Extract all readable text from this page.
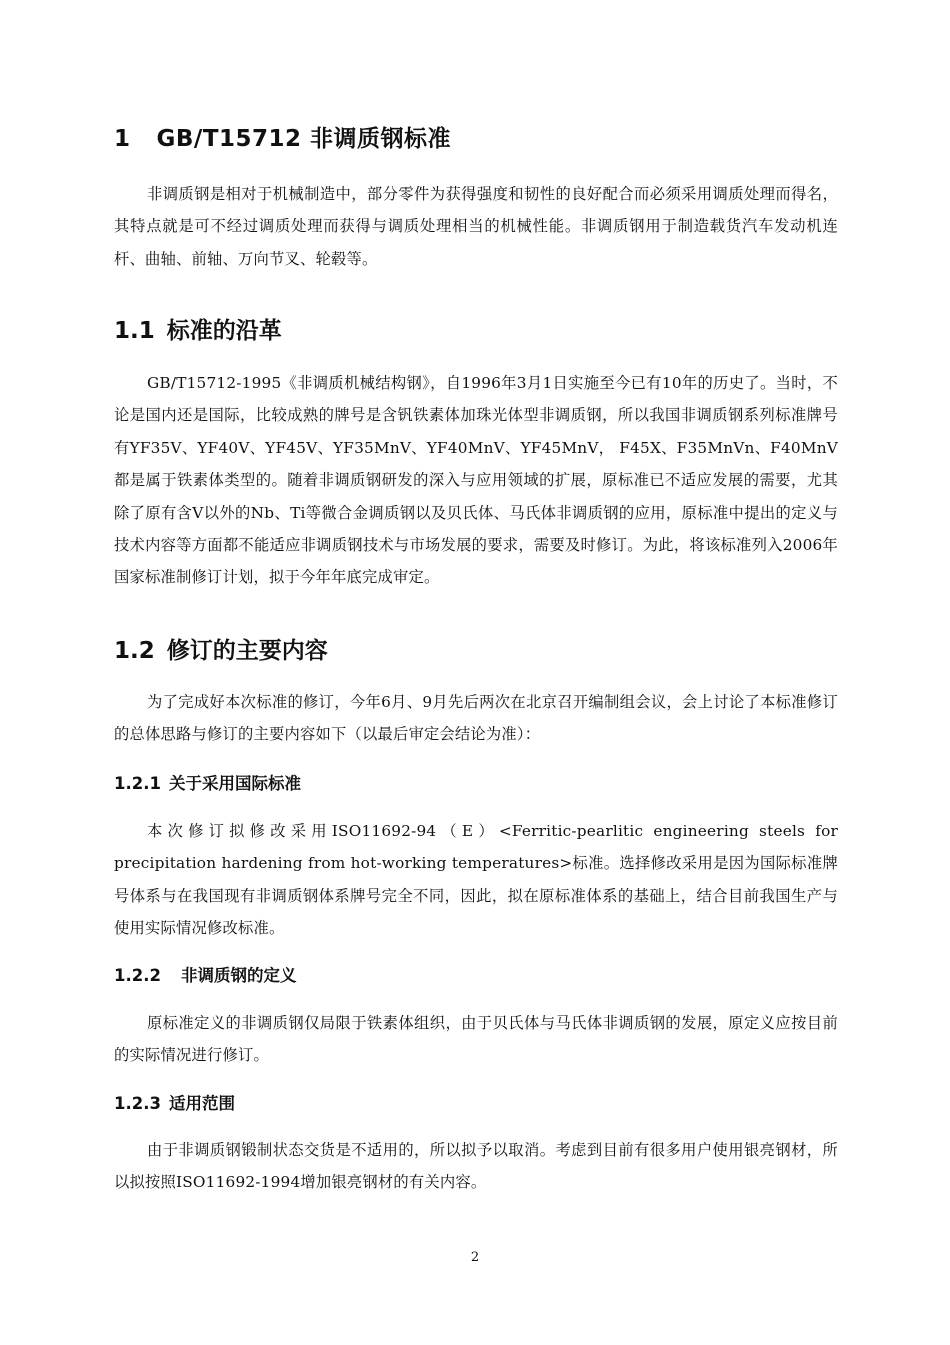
1 GB/T15712 非调质钢标准

非调质钢是相对于机械制造中，部分零件为获得强度和韧性的良好配合而必须采用调质处理而得名，其特点就是可不经过调质处理而获得与调质处理相当的机械性能。非调质钢用于制造载货汽车发动机连杆、曲轴、前轴、万向节叉、轮毂等。

1.1 标准的沿革

GB/T15712-1995《非调质机械结构钢》，自1996年3月1日实施至今已有10年的历史了。当时，不论是国内还是国际，比较成熟的牌号是含钒铁素体加珠光体型非调质钢，所以我国非调质钢系列标准牌号有YF35V、YF40V、YF45V、YF35MnV、YF40MnV、YF45MnV， F45X、F35MnVn、F40MnV都是属于铁素体类型的。随着非调质钢研发的深入与应用领域的扩展，原标准已不适应发展的需要，尤其除了原有含V以外的Nb、Ti等微合金调质钢以及贝氏体、马氏体非调质钢的应用，原标准中提出的定义与技术内容等方面都不能适应非调质钢技术与市场发展的要求，需要及时修订。为此，将该标准列入2006年国家标准制修订计划，拟于今年年底完成审定。

1.2 修订的主要内容

为了完成好本次标准的修订，今年6月、9月先后两次在北京召开编制组会议，会上讨论了本标准修订的总体思路与修订的主要内容如下（以最后审定会结论为准）：

1.2.1 关于采用国际标准

本次修订拟修改采用ISO11692-94（E）<Ferritic-pearlitic engineering steels for precipitation hardening from hot-working temperatures>标准。选择修改采用是因为国际标准牌号体系与在我国现有非调质钢体系牌号完全不同，因此，拟在原标准体系的基础上，结合目前我国生产与使用实际情况修改标准。

1.2.2 非调质钢的定义

原标准定义的非调质钢仅局限于铁素体组织，由于贝氏体与马氏体非调质钢的发展，原定义应按目前的实际情况进行修订。

1.2.3 适用范围

由于非调质钢锻制状态交货是不适用的，所以拟予以取消。考虑到目前有很多用户使用银亮钢材，所以拟按照ISO11692-1994增加银亮钢材的有关内容。

2
